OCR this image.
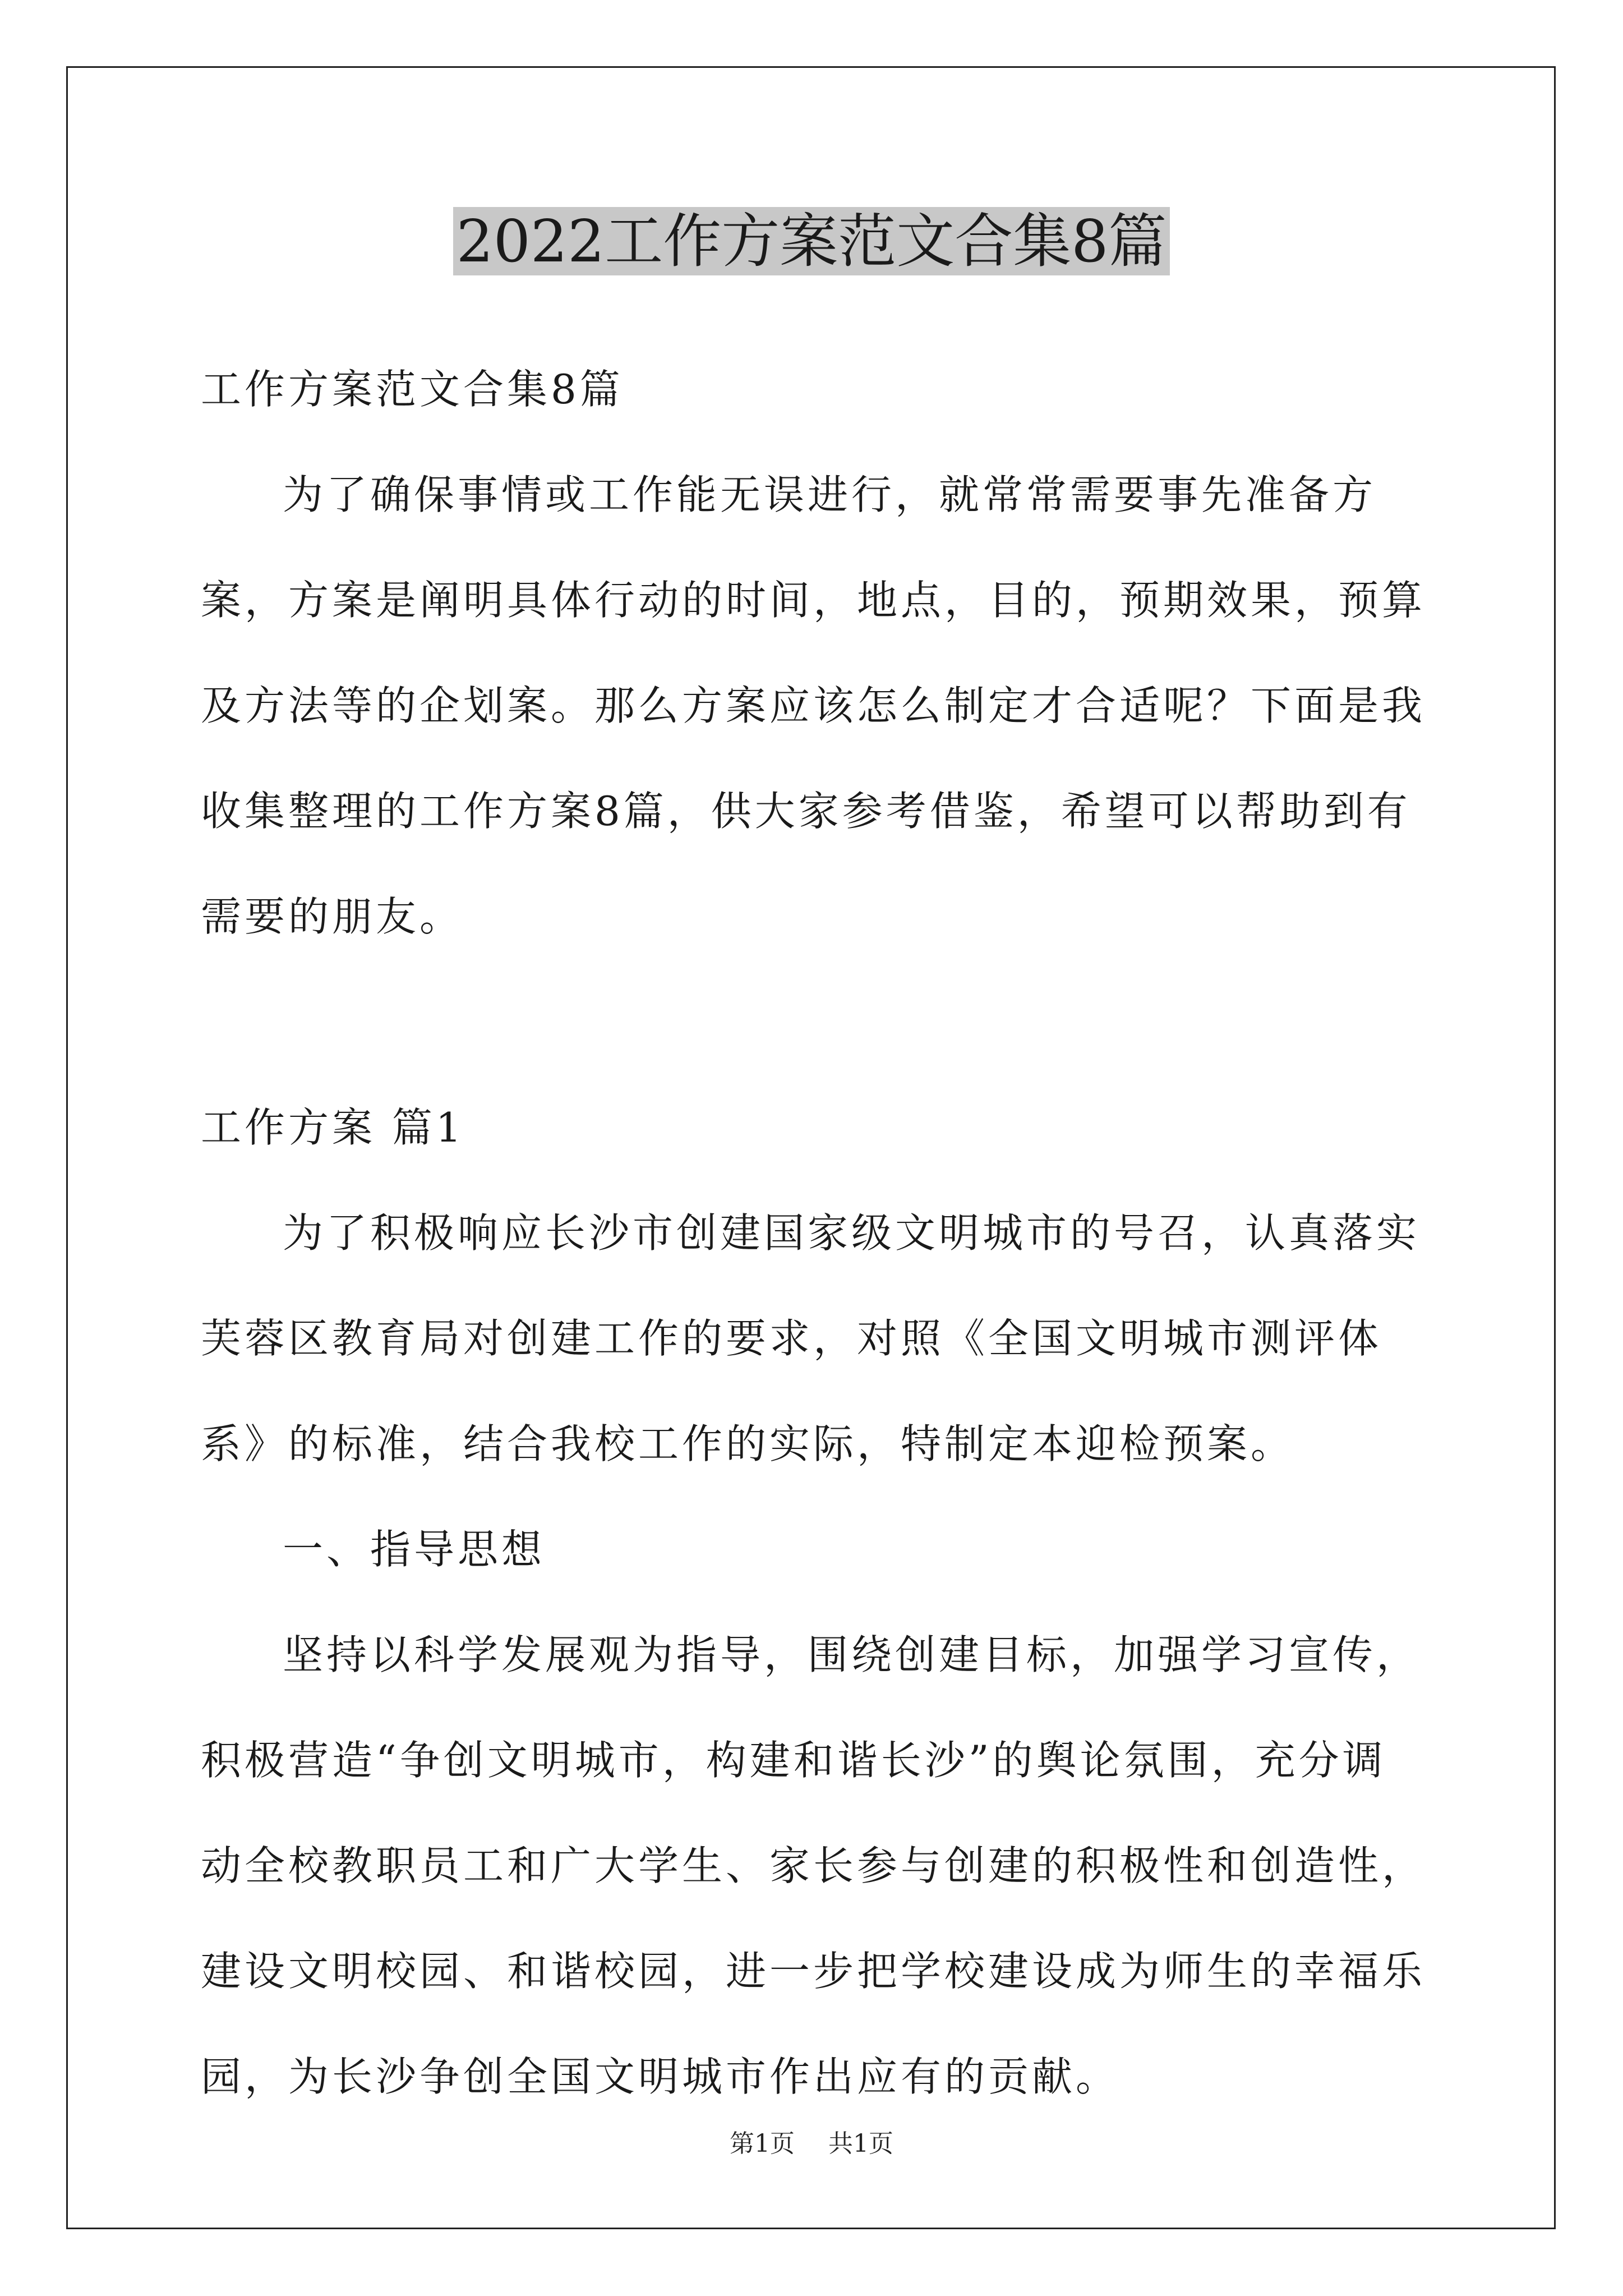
2022工作方案范文合集8篇

工作方案范文合集8篇

为了确保事情或工作能无误进行，就常常需要事先准备方案，方案是阐明具体行动的时间，地点，目的，预期效果，预算及方法等的企划案。那么方案应该怎么制定才合适呢？下面是我收集整理的工作方案8篇，供大家参考借鉴，希望可以帮助到有需要的朋友。

工作方案 篇1

为了积极响应长沙市创建国家级文明城市的号召，认真落实芙蓉区教育局对创建工作的要求，对照《全国文明城市测评体系》的标准，结合我校工作的实际，特制定本迎检预案。

一、指导思想

坚持以科学发展观为指导，围绕创建目标，加强学习宣传，积极营造“争创文明城市，构建和谐长沙”的舆论氛围，充分调动全校教职员工和广大学生、家长参与创建的积极性和创造性，建设文明校园、和谐校园，进一步把学校建设成为师生的幸福乐园，为长沙争创全国文明城市作出应有的贡献。

第1页 共1页
